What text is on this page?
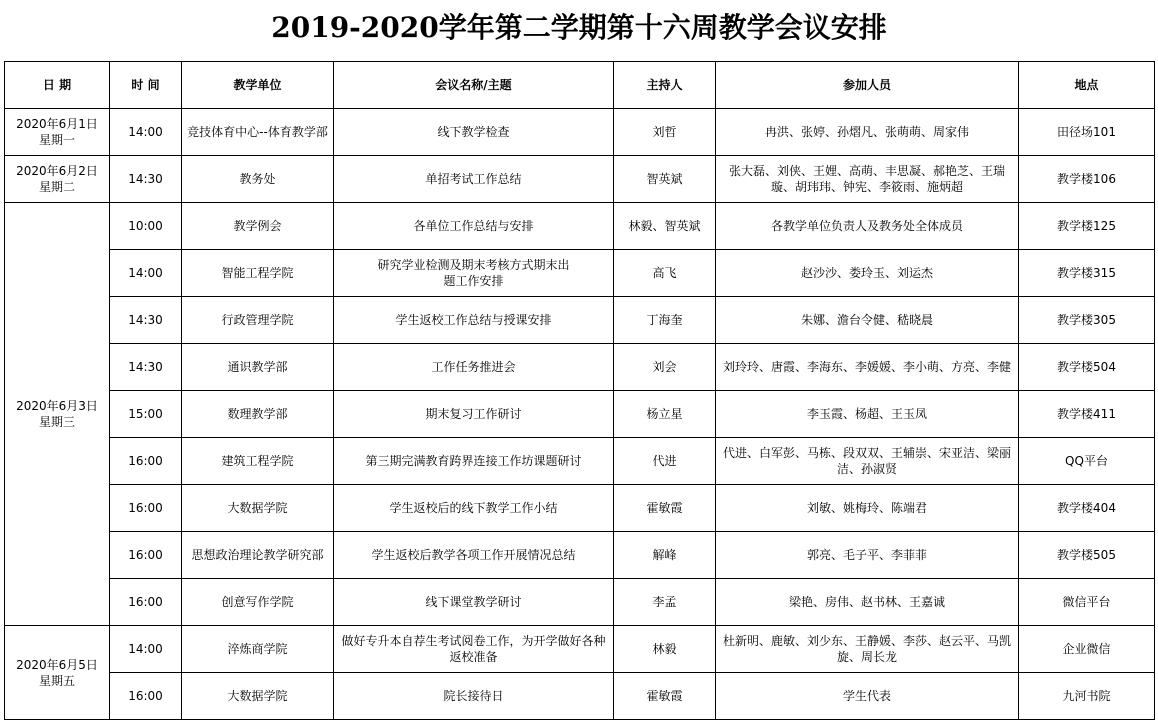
2019-2020学年第二学期第十六周教学会议安排
日 期	时 间	教学单位	会议名称/主题	主持人	参加人员	地点

2020年6月1日
星期一	14:00	竞技体育中心--体育教学部	线下教学检查	刘哲	冉洪、张婷、孙熠凡、张萌萌、周家伟	田径场101

2020年6月2日
星期二	14:30	教务处	单招考试工作总结	智英斌	张大磊、刘侠、王娌、高萌、丰思凝、郝艳芝、王瑞璇、胡玮玮、钟宪、李筱雨、施炳超	教学楼106

2020年6月3日
星期三	10:00	教学例会	各单位工作总结与安排	林毅、智英斌	各教学单位负责人及教务处全体成员	教学楼125
	14:00	智能工程学院	研究学业检测及期末考核方式期末出题工作安排	高飞	赵沙沙、娄玲玉、刘运杰	教学楼315
	14:30	行政管理学院	学生返校工作总结与授课安排	丁海奎	朱娜、澹台令健、嵇晓晨	教学楼305
	14:30	通识教学部	工作任务推进会	刘会	刘玲玲、唐霞、李海东、李媛媛、李小萌、方亮、李健	教学楼504
	15:00	数理教学部	期末复习工作研讨	杨立星	李玉霞、杨超、王玉凤	教学楼411
	16:00	建筑工程学院	第三期完满教育跨界连接工作坊课题研讨	代进	代进、白军彭、马栋、段双双、王辅崇、宋亚洁、梁丽洁、孙淑贤	QQ平台
	16:00	大数据学院	学生返校后的线下教学工作小结	霍敏霞	刘敏、姚梅玲、陈端君	教学楼404
	16:00	思想政治理论教学研究部	学生返校后教学各项工作开展情况总结	解峰	郭亮、毛子平、李菲菲	教学楼505
	16:00	创意写作学院	线下课堂教学研讨	李孟	梁艳、房伟、赵书林、王嘉诚	微信平台

2020年6月5日
星期五	14:00	淬炼商学院	做好专升本自荐生考试阅卷工作，为开学做好各种返校准备	林毅	杜新明、鹿敏、刘少东、王静媛、李莎、赵云平、马凯旋、周长龙	企业微信
	16:00	大数据学院	院长接待日	霍敏霞	学生代表	九河书院
